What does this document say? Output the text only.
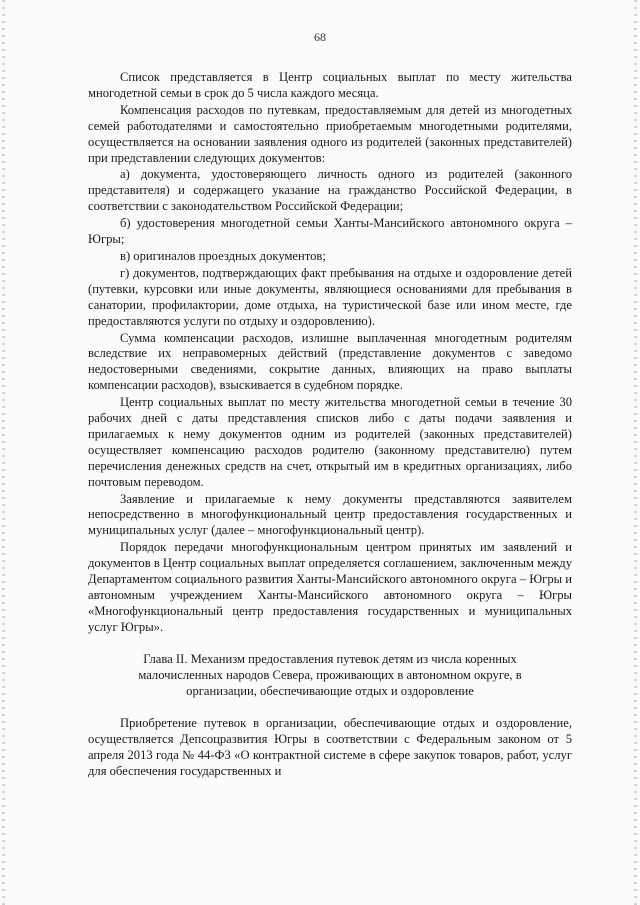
68

Список представляется в Центр социальных выплат по месту жительства многодетной семьи в срок до 5 числа каждого месяца.

Компенсация расходов по путевкам, предоставляемым для детей из многодетных семей работодателями и самостоятельно приобретаемым многодетными родителями, осуществляется на основании заявления одного из родителей (законных представителей) при представлении следующих документов:

а) документа, удостоверяющего личность одного из родителей (законного представителя) и содержащего указание на гражданство Российской Федерации, в соответствии с законодательством Российской Федерации;

б) удостоверения многодетной семьи Ханты-Мансийского автономного округа – Югры;

в) оригиналов проездных документов;

г) документов, подтверждающих факт пребывания на отдыхе и оздоровление детей (путевки, курсовки или иные документы, являющиеся основаниями для пребывания в санатории, профилактории, доме отдыха, на туристической базе или ином месте, где предоставляются услуги по отдыху и оздоровлению).

Сумма компенсации расходов, излишне выплаченная многодетным родителям вследствие их неправомерных действий (представление документов с заведомо недостоверными сведениями, сокрытие данных, влияющих на право выплаты компенсации расходов), взыскивается в судебном порядке.

Центр социальных выплат по месту жительства многодетной семьи в течение 30 рабочих дней с даты представления списков либо с даты подачи заявления и прилагаемых к нему документов одним из родителей (законных представителей) осуществляет компенсацию расходов родителю (законному представителю) путем перечисления денежных средств на счет, открытый им в кредитных организациях, либо почтовым переводом.

Заявление и прилагаемые к нему документы представляются заявителем непосредственно в многофункциональный центр предоставления государственных и муниципальных услуг (далее – многофункциональный центр).

Порядок передачи многофункциональным центром принятых им заявлений и документов в Центр социальных выплат определяется соглашением, заключенным между Департаментом социального развития Ханты-Мансийского автономного округа – Югры и автономным учреждением Ханты-Мансийского автономного округа – Югры «Многофункциональный центр предоставления государственных и муниципальных услуг Югры».

Глава II. Механизм предоставления путевок детям из числа коренных малочисленных народов Севера, проживающих в автономном округе, в организации, обеспечивающие отдых и оздоровление

Приобретение путевок в организации, обеспечивающие отдых и оздоровление, осуществляется Депсоцразвития Югры в соответствии с Федеральным законом от 5 апреля 2013 года № 44-ФЗ «О контрактной системе в сфере закупок товаров, работ, услуг для обеспечения государственных и
